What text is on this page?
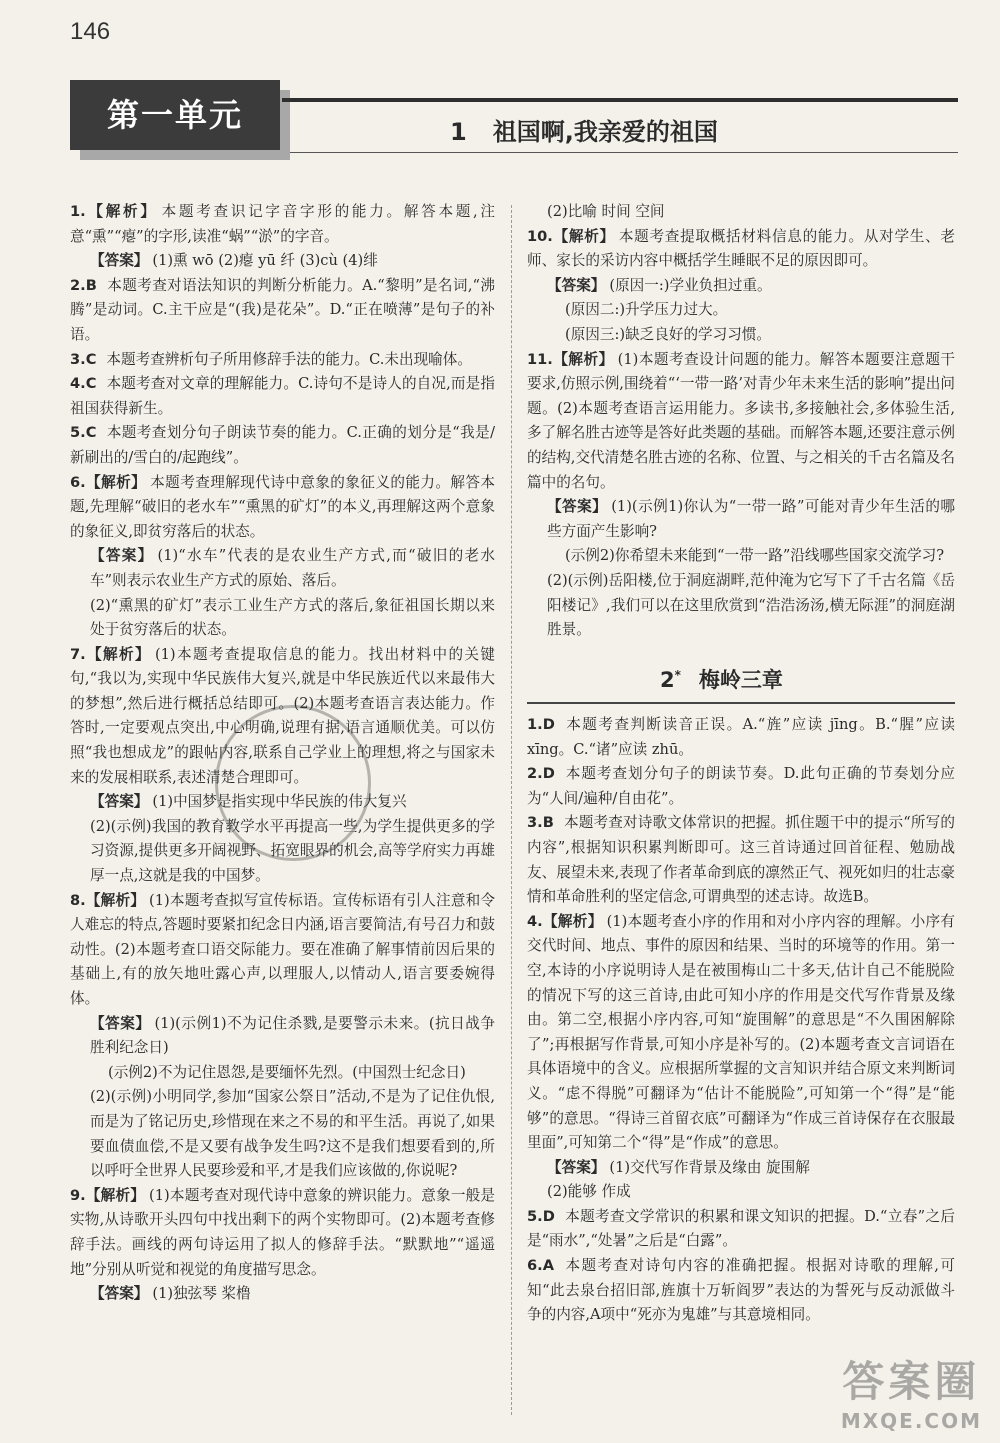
146
第一单元	1 祖国啊,我亲爱的祖国

1.【解析】 本题考查识记字音字形的能力。解答本题,注意“熏”“瘪”的字形,读准“蜗”“淤”的字音。

【答案】 (1)熏 wō (2)瘪 yū 纤 (3)cù (4)绯

2.B 本题考查对语法知识的判断分析能力。A.“黎明”是名词,“沸腾”是动词。C.主干应是“(我)是花朵”。D.“正在喷薄”是句子的补语。

3.C 本题考查辨析句子所用修辞手法的能力。C.未出现喻体。

4.C 本题考查对文章的理解能力。C.诗句不是诗人的自况,而是指祖国获得新生。

5.C 本题考查划分句子朗读节奏的能力。C.正确的划分是“我是/新刷出的/雪白的/起跑线”。

6.【解析】 本题考查理解现代诗中意象的象征义的能力。解答本题,先理解“破旧的老水车”“熏黑的矿灯”的本义,再理解这两个意象的象征义,即贫穷落后的状态。

【答案】 (1)“水车”代表的是农业生产方式,而“破旧的老水车”则表示农业生产方式的原始、落后。

(2)“熏黑的矿灯”表示工业生产方式的落后,象征祖国长期以来处于贫穷落后的状态。

7.【解析】 (1)本题考查提取信息的能力。找出材料中的关键句,“我以为,实现中华民族伟大复兴,就是中华民族近代以来最伟大的梦想”,然后进行概括总结即可。(2)本题考查语言表达能力。作答时,一定要观点突出,中心明确,说理有据,语言通顺优美。可以仿照“我也想成龙”的跟帖内容,联系自己学业上的理想,将之与国家未来的发展相联系,表述清楚合理即可。

【答案】 (1)中国梦是指实现中华民族的伟大复兴

(2)(示例)我国的教育教学水平再提高一些,为学生提供更多的学习资源,提供更多开阔视野、拓宽眼界的机会,高等学府实力再雄厚一点,这就是我的中国梦。

8.【解析】 (1)本题考查拟写宣传标语。宣传标语有引人注意和令人难忘的特点,答题时要紧扣纪念日内涵,语言要简洁,有号召力和鼓动性。(2)本题考查口语交际能力。要在准确了解事情前因后果的基础上,有的放矢地吐露心声,以理服人,以情动人,语言要委婉得体。

【答案】 (1)(示例1)不为记住杀戮,是要警示未来。(抗日战争胜利纪念日)

(示例2)不为记住恩怨,是要缅怀先烈。(中国烈士纪念日)

(2)(示例)小明同学,参加“国家公祭日”活动,不是为了记住仇恨,而是为了铭记历史,珍惜现在来之不易的和平生活。再说了,如果要血债血偿,不是又要有战争发生吗?这不是我们想要看到的,所以呼吁全世界人民要珍爱和平,才是我们应该做的,你说呢?

9.【解析】 (1)本题考查对现代诗中意象的辨识能力。意象一般是实物,从诗歌开头四句中找出剩下的两个实物即可。(2)本题考查修辞手法。画线的两句诗运用了拟人的修辞手法。“默默地”“遥遥地”分别从听觉和视觉的角度描写思念。

【答案】 (1)独弦琴 桨橹

(2)比喻 时间 空间

10.【解析】 本题考查提取概括材料信息的能力。从对学生、老师、家长的采访内容中概括学生睡眠不足的原因即可。

【答案】 (原因一:)学业负担过重。

(原因二:)升学压力过大。

(原因三:)缺乏良好的学习习惯。

11.【解析】 (1)本题考查设计问题的能力。解答本题要注意题干要求,仿照示例,围绕着“‘一带一路’对青少年未来生活的影响”提出问题。(2)本题考查语言运用能力。多读书,多接触社会,多体验生活,多了解名胜古迹等是答好此类题的基础。而解答本题,还要注意示例的结构,交代清楚名胜古迹的名称、位置、与之相关的千古名篇及名篇中的名句。

【答案】 (1)(示例1)你认为“一带一路”可能对青少年生活的哪些方面产生影响?

(示例2)你希望未来能到“一带一路”沿线哪些国家交流学习?

(2)(示例)岳阳楼,位于洞庭湖畔,范仲淹为它写下了千古名篇《岳阳楼记》,我们可以在这里欣赏到“浩浩汤汤,横无际涯”的洞庭湖胜景。

2* 梅岭三章

1.D 本题考查判断读音正误。A.“旌”应读 jīng。B.“腥”应读 xīng。C.“诸”应读 zhū。

2.D 本题考查划分句子的朗读节奏。D.此句正确的节奏划分应为“人间/遍种/自由花”。

3.B 本题考查对诗歌文体常识的把握。抓住题干中的提示“所写的内容”,根据知识积累判断即可。这三首诗通过回首征程、勉励战友、展望未来,表现了作者革命到底的凛然正气、视死如归的壮志豪情和革命胜利的坚定信念,可谓典型的述志诗。故选B。

4.【解析】 (1)本题考查小序的作用和对小序内容的理解。小序有交代时间、地点、事件的原因和结果、当时的环境等的作用。第一空,本诗的小序说明诗人是在被围梅山二十多天,估计自己不能脱险的情况下写的这三首诗,由此可知小序的作用是交代写作背景及缘由。第二空,根据小序内容,可知“旋围解”的意思是“不久围困解除了”;再根据写作背景,可知小序是补写的。(2)本题考查文言词语在具体语境中的含义。应根据所掌握的文言知识并结合原文来判断词义。“虑不得脱”可翻译为“估计不能脱险”,可知第一个“得”是“能够”的意思。“得诗三首留衣底”可翻译为“作成三首诗保存在衣服最里面”,可知第二个“得”是“作成”的意思。

【答案】 (1)交代写作背景及缘由 旋围解

(2)能够 作成

5.D 本题考查文学常识的积累和课文知识的把握。D.“立春”之后是“雨水”,“处暑”之后是“白露”。

6.A 本题考查对诗句内容的准确把握。根据对诗歌的理解,可知“此去泉台招旧部,旌旗十万斩阎罗”表达的为誓死与反动派做斗争的内容,A项中“死亦为鬼雄”与其意境相同。

答案圈
MXQE.COM
